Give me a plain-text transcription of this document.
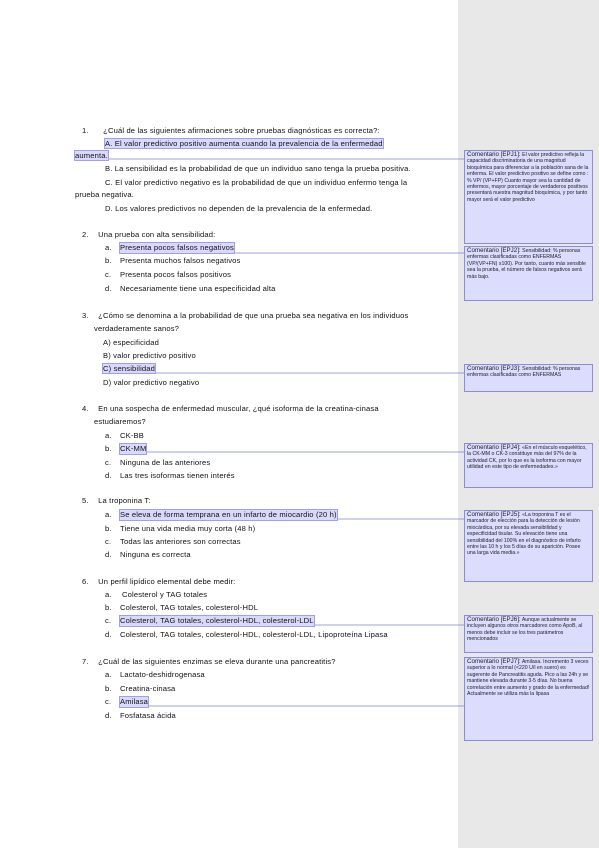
1. ¿Cuál de las siguientes afirmaciones sobre pruebas diagnósticas es correcta?:
A. El valor predictivo positivo aumenta cuando la prevalencia de la enfermedad
aumenta.
B. La sensibilidad es la probabilidad de que un individuo sano tenga la prueba positiva.
C. El valor predictivo negativo es la probabilidad de que un individuo enfermo tenga la
prueba negativa.
D. Los valores predictivos no dependen de la prevalencia de la enfermedad.
2. Una prueba con alta sensibilidad:
a. Presenta pocos falsos negativos
b. Presenta muchos falsos negativos
c. Presenta pocos falsos positivos
d. Necesariamente tiene una especificidad alta
3. ¿Cómo se denomina a la probabilidad de que una prueba sea negativa en los individuos
verdaderamente sanos?
A) especificidad
B) valor predictivo positivo
C) sensibilidad
D) valor predictivo negativo
4. En una sospecha de enfermedad muscular, ¿qué isoforma de la creatina-cinasa
estudiaremos?
a. CK-BB
b. CK-MM
c. Ninguna de las anteriores
d. Las tres isoformas tienen interés
5. La troponina T:
a. Se eleva de forma temprana en un infarto de miocardio (20 h)
b. Tiene una vida media muy corta (48 h)
c. Todas las anteriores son correctas
d. Ninguna es correcta
6. Un perfil lipídico elemental debe medir:
a. Colesterol y TAG totales
b. Colesterol, TAG totales, colesterol-HDL
c. Colesterol, TAG totales, colesterol-HDL, colesterol-LDL
d. Colesterol, TAG totales, colesterol-HDL, colesterol-LDL, Lipoproteína Lipasa
7. ¿Cuál de las siguientes enzimas se eleva durante una pancreatitis?
a. Lactato-deshidrogenasa
b. Creatina-cinasa
c. Amilasa
d. Fosfatasa ácida
Comentario [EPJ1]: El valor predictivo refleja la capacidad discriminatoria de una magnitud bioquímica para diferenciar a la población sana de la enferma. El valor predictivo positivo se define como : % VP/ (VP+FP) Cuanto mayor sea la cantidad de enfermos, mayor porcentaje de verdaderos positivos presentará nuestra magnitud bioquímica, y por tanto mayor será el valor predictivo
Comentario [EPJ2]: Sensibilidad: % personas enfermas clasificadas como ENFERMAS (VP/(VP+FN) x100). Por tanto, cuanto más sensible sea la prueba, el número de falsos negativos será más bajo.
Comentario [EPJ3]: Sensibilidad: % personas enfermas clasificadas como ENFERMAS
Comentario [EPJ4]: «En el músculo esquelético, la CK-MM o CK-3 constituye más del 97% de la actividad CK, por lo que es la isoforma con mayor utilidad en este tipo de enfermedades.»
Comentario [EPJ5]: «La troponina T es el marcador de elección para la detección de lesión miocárdica, por su elevada sensibilidad y especificidad tisular. Su elevación tiene una sensibilidad del 100% en el diagnóstico de infarto entre las 10 h y los 5 días de su aparición. Posee una larga vida media.»
Comentario [EPJ6]: Aunque actualmente se incluyen algunos otros marcadores como ApoB, al menos debe incluir se los tres parámetros mencionados
Comentario [EPJ7]: Amilasa. Incremento 3 veces superior a lo normal (<220 U/l en suero) es sugerente de Pancreatitis aguda. Pico a las 24h y se mantiene elevada durante 3-5 días. No buena correlación entre aumento y grado de la enfermedad! Actualmente se utiliza más la lipasa
